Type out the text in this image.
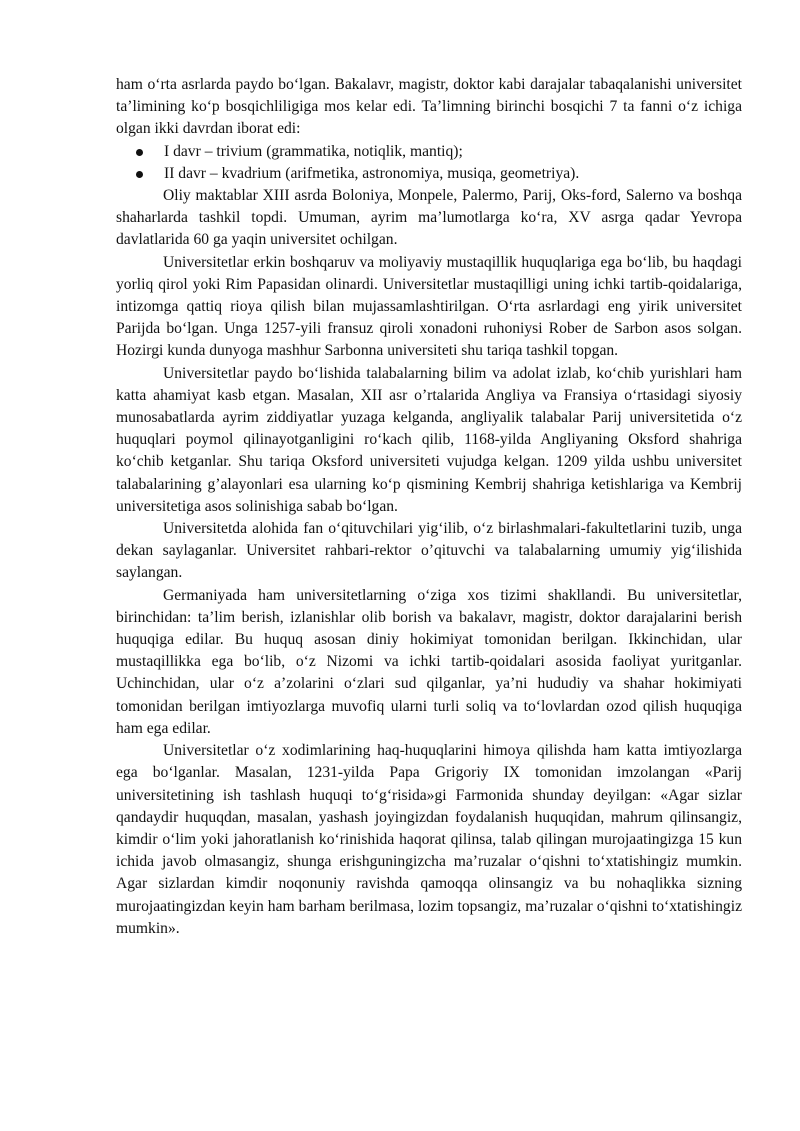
ham o‘rta asrlarda paydo bo‘lgan. Bakalavr, magistr, doktor kabi darajalar tabaqalanishi universitet ta’limining ko‘p bosqichliligiga mos kelar edi. Ta’limning birinchi bosqichi 7 ta fanni o‘z ichiga olgan ikki davrdan iborat edi:

I davr – trivium (grammatika, notiqlik, mantiq);
II davr – kvadrium (arifmetika, astronomiya, musiqa, geometriya).

Oliy maktablar XIII asrda Boloniya, Monpele, Palermo, Parij, Oks-ford, Salerno va boshqa shaharlarda tashkil topdi. Umuman, ayrim ma’lumotlarga ko‘ra, XV asrga qadar Yevropa davlatlarida 60 ga yaqin universitet ochilgan.

Universitetlar erkin boshqaruv va moliyaviy mustaqillik huquqlariga ega bo‘lib, bu haqdagi yorliq qirol yoki Rim Papasidan olinardi. Universitetlar mustaqilligi uning ichki tartib-qoidalariga, intizomga qattiq rioya qilish bilan mujassamlashtirilgan. O‘rta asrlardagi eng yirik universitet Parijda bo‘lgan. Unga 1257-yili fransuz qiroli xonadoni ruhoniysi Rober de Sarbon asos solgan. Hozirgi kunda dunyoga mashhur Sarbonna universiteti shu tariqa tashkil topgan.

Universitetlar paydo bo‘lishida talabalarning bilim va adolat izlab, ko‘chib yurishlari ham katta ahamiyat kasb etgan. Masalan, XII asr o’rtalarida Angliya va Fransiya o‘rtasidagi siyosiy munosabatlarda ayrim ziddiyatlar yuzaga kelganda, angliyalik talabalar Parij universitetida o‘z huquqlari poymol qilinayotganligini ro‘kach qilib, 1168-yilda Angliyaning Oksford shahriga ko‘chib ketganlar. Shu tariqa Oksford universiteti vujudga kelgan. 1209 yilda ushbu universitet talabalarining g’alayonlari esa ularning ko‘p qismining Kembrij shahriga ketishlariga va Kembrij universitetiga asos solinishiga sabab bo‘lgan.

Universitetda alohida fan o‘qituvchilari yig‘ilib, o‘z birlashmalari-fakultetlarini tuzib, unga dekan saylaganlar. Universitet rahbari-rektor o’qituvchi va talabalarning umumiy yig‘ilishida saylangan.

Germaniyada ham universitetlarning o‘ziga xos tizimi shakllandi. Bu universitetlar, birinchidan: ta’lim berish, izlanishlar olib borish va bakalavr, magistr, doktor darajalarini berish huquqiga edilar. Bu huquq asosan diniy hokimiyat tomonidan berilgan. Ikkinchidan, ular mustaqillikka ega bo‘lib, o‘z Nizomi va ichki tartib-qoidalari asosida faoliyat yuritganlar. Uchinchidan, ular o‘z a’zolarini o‘zlari sud qilganlar, ya’ni hududiy va shahar hokimiyati tomonidan berilgan imtiyozlarga muvofiq ularni turli soliq va to‘lovlardan ozod qilish huquqiga ham ega edilar.

Universitetlar o‘z xodimlarining haq-huquqlarini himoya qilishda ham katta imtiyozlarga ega bo‘lganlar. Masalan, 1231-yilda Papa Grigoriy IX tomonidan imzolangan «Parij universitetining ish tashlash huquqi to‘g‘risida»gi Farmonida shunday deyilgan: «Agar sizlar qandaydir huquqdan, masalan, yashash joyingizdan foydalanish huquqidan, mahrum qilinsangiz, kimdir o‘lim yoki jahoratlanish ko‘rinishida haqorat qilinsa, talab qilingan murojaatingizga 15 kun ichida javob olmasangiz, shunga erishguningizcha ma’ruzalar o‘qishni to‘xtatishingiz mumkin. Agar sizlardan kimdir noqonuniy ravishda qamoqqa olinsangiz va bu nohaqlikka sizning murojaatingizdan keyin ham barham berilmasa, lozim topsangiz, ma’ruzalar o‘qishni to‘xtatishingiz mumkin».
